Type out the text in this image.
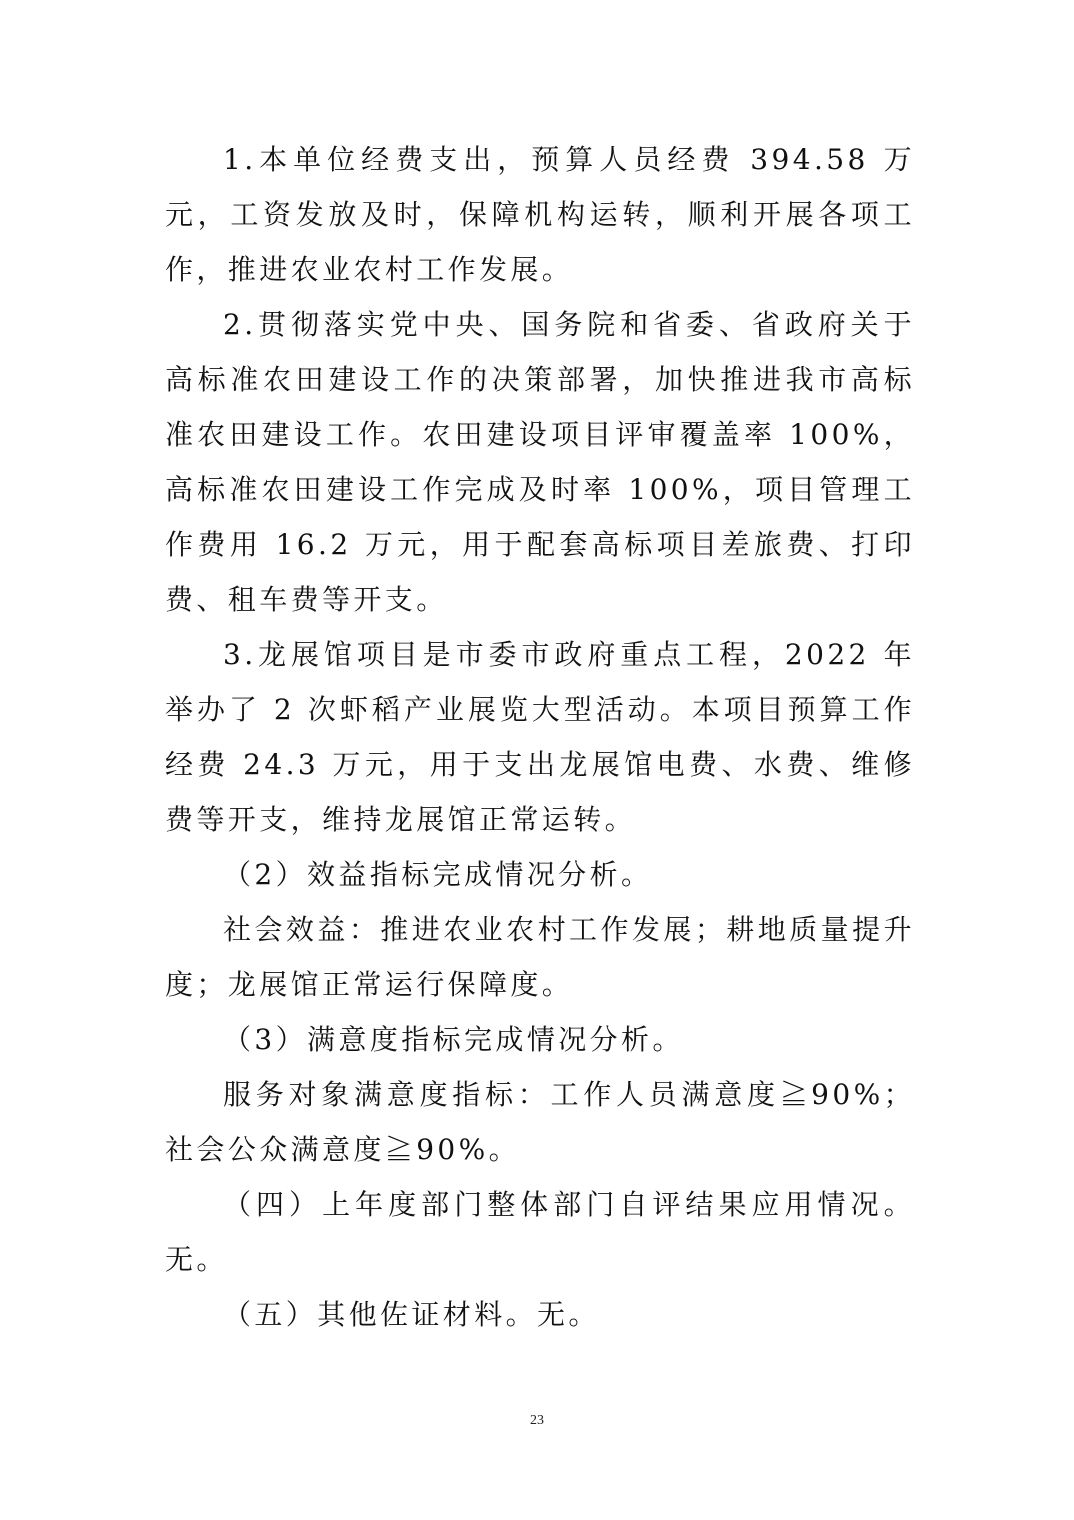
1.本单位经费支出，预算人员经费 394.58 万元，工资发放及时，保障机构运转，顺利开展各项工作，推进农业农村工作发展。

2.贯彻落实党中央、国务院和省委、省政府关于高标准农田建设工作的决策部署，加快推进我市高标准农田建设工作。农田建设项目评审覆盖率 100%，高标准农田建设工作完成及时率 100%，项目管理工作费用 16.2 万元，用于配套高标项目差旅费、打印费、租车费等开支。

3.龙展馆项目是市委市政府重点工程，2022 年举办了 2 次虾稻产业展览大型活动。本项目预算工作经费 24.3 万元，用于支出龙展馆电费、水费、维修费等开支，维持龙展馆正常运转。

（2）效益指标完成情况分析。

社会效益：推进农业农村工作发展；耕地质量提升度；龙展馆正常运行保障度。

（3）满意度指标完成情况分析。

服务对象满意度指标：工作人员满意度≧90%；社会公众满意度≧90%。

（四）上年度部门整体部门自评结果应用情况。无。

（五）其他佐证材料。无。

23
